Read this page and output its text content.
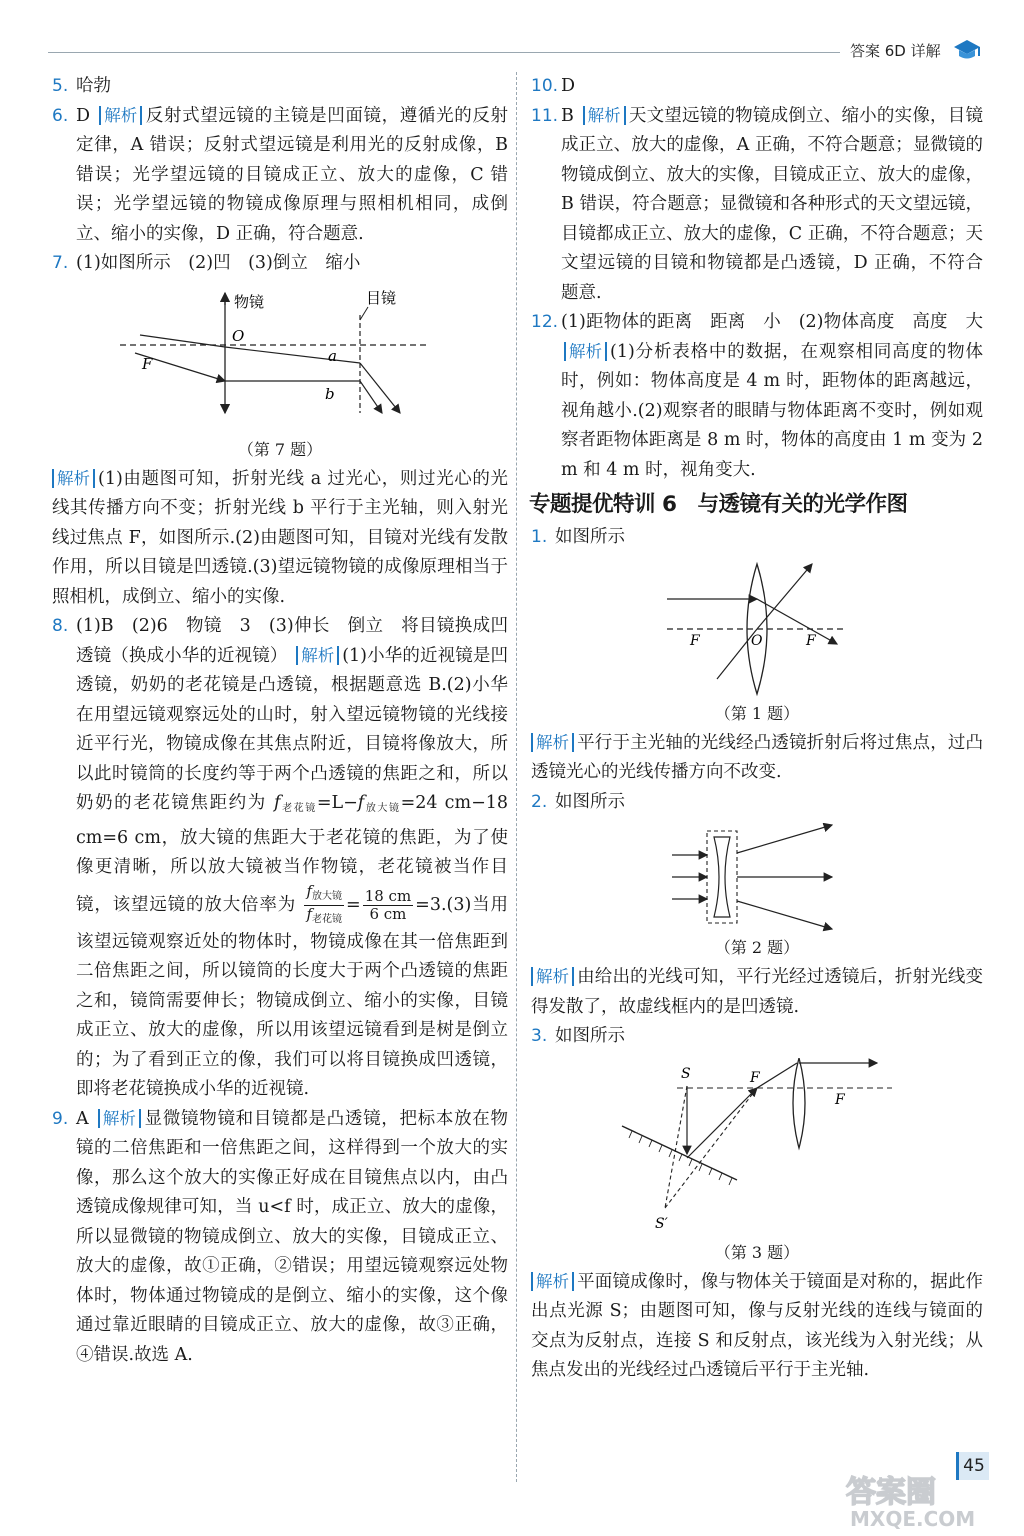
答案 6D 详解
5. 哈勃
6. D 解析 反射式望远镜的主镜是凹面镜，遵循光的反射定律，A 错误；反射式望远镜是利用光的反射成像，B 错误；光学望远镜的目镜成正立、放大的虚像，C 错误；光学望远镜的物镜成像原理与照相机相同，成倒立、缩小的实像，D 正确，符合题意.
7. (1)如图所示　(2)凹　(3)倒立　缩小
物镜	目镜
O
F	a
b
（第 7 题）
解析 (1)由题图可知，折射光线 a 过光心，则过光心的光线其传播方向不变；折射光线 b 平行于主光轴，则入射光线过焦点 F，如图所示.(2)由题图可知，目镜对光线有发散作用，所以目镜是凹透镜.(3)望远镜物镜的成像原理相当于照相机，成倒立、缩小的实像.
8. (1)B　(2)6　物镜　3　(3)伸长　倒立　将目镜换成凹透镜（换成小华的近视镜） 解析 (1)小华的近视镜是凹透镜，奶奶的老花镜是凸透镜，根据题意选 B.(2)小华在用望远镜观察远处的山时，射入望远镜物镜的光线接近平行光，物镜成像在其焦点附近，目镜将像放大，所以此时镜筒的长度约等于两个凸透镜的焦距之和，所以奶奶的老花镜焦距约为 $f_{老花镜}=L-f_{放大镜}=24$ cm−18 cm=6 cm，放大镜的焦距大于老花镜的焦距，为了使像更清晰，所以放大镜被当作物镜，老花镜被当作目镜，该望远镜的放大倍率为 $\frac{f_{放大镜}}{f_{老花镜}} = \frac{18 cm}{6 cm} =3.(3)$当用该望远镜观察近处的物体时，物镜成像在其一倍焦距到二倍焦距之间，所以镜筒的长度大于两个凸透镜的焦距之和，镜筒需要伸长；物镜成倒立、缩小的实像，目镜成正立、放大的虚像，所以用该望远镜看到是树是倒立的；为了看到正立的像，我们可以将目镜换成凹透镜，即将老花镜换成小华的近视镜.
9. A 解析 显微镜物镜和目镜都是凸透镜，把标本放在物镜的二倍焦距和一倍焦距之间，这样得到一个放大的实像，那么这个放大的实像正好成在目镜焦点以内，由凸透镜成像规律可知，当 u<f 时，成正立、放大的虚像，所以显微镜的物镜成倒立、放大的实像，目镜成正立、放大的虚像，故①正确，②错误；用望远镜观察远处物体时，物体通过物镜成的是倒立、缩小的实像，这个像通过靠近眼睛的目镜成正立、放大的虚像，故③正确，④错误.故选 A.
10. D
11. B 解析 天文望远镜的物镜成倒立、缩小的实像，目镜成正立、放大的虚像，A 正确，不符合题意；显微镜的物镜成倒立、放大的实像，目镜成正立、放大的虚像，B 错误，符合题意；显微镜和各种形式的天文望远镜，目镜都成正立、放大的虚像，C 正确，不符合题意；天文望远镜的目镜和物镜都是凸透镜，D 正确，不符合题意.
12. (1)距物体的距离　距离　小　(2)物体高度　高度　大 解析 (1)分析表格中的数据，在观察相同高度的物体时，例如：物体高度是 4 m 时，距物体的距离越远，视角越小.(2)观察者的眼睛与物体距离不变时，例如观察者距物体距离是 8 m 时，物体的高度由 1 m 变为 2 m 和 4 m 时，视角变大.
专题提优特训 6　与透镜有关的光学作图
1. 如图所示
F	O	F
（第 1 题）
解析 平行于主光轴的光线经凸透镜折射后将过焦点，过凸透镜光心的光线传播方向不改变.
2. 如图所示
（第 2 题）
解析 由给出的光线可知，平行光经过透镜后，折射光线变得发散了，故虚线框内的是凹透镜.
3. 如图所示
S	F
F
S′
（第 3 题）
解析 平面镜成像时，像与物体关于镜面是对称的，据此作出点光源 S；由题图可知，像与反射光线的连线与镜面的交点为反射点，连接 S 和反射点，该光线为入射光线；从焦点发出的光线经过凸透镜后平行于主光轴.
45
答案圈
MXQE.COM
